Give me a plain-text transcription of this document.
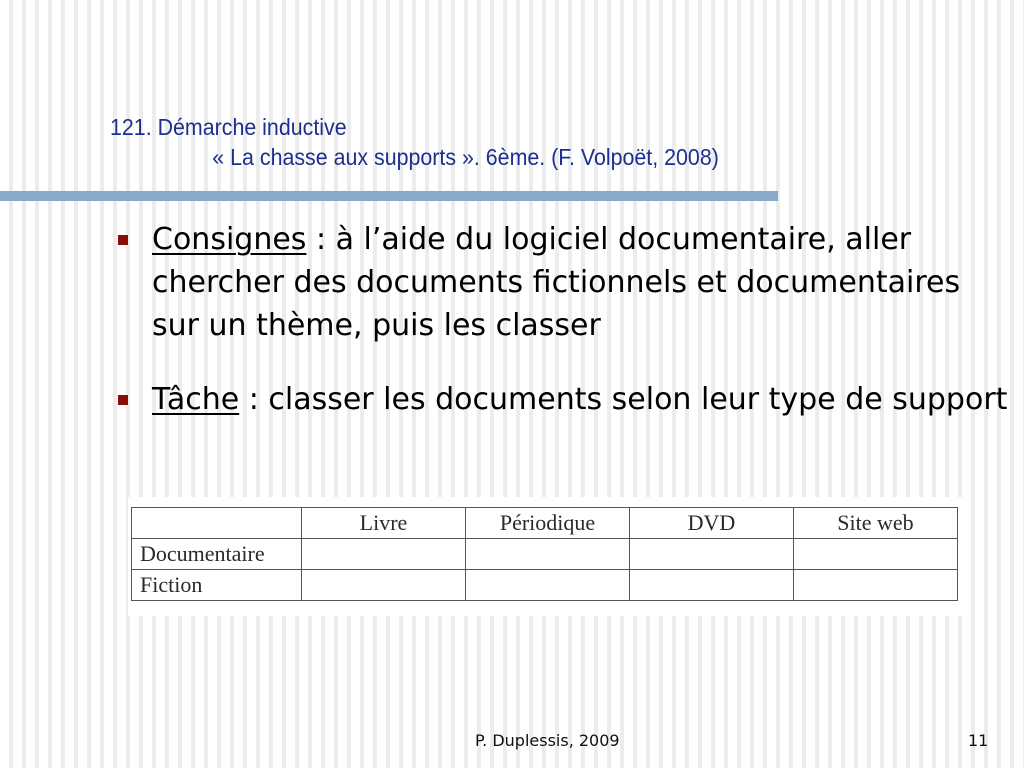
121. Démarche inductive
« La chasse aux supports ». 6ème. (F. Volpoët, 2008)
Consignes : à l’aide du logiciel documentaire, aller chercher des documents fictionnels et documentaires sur un thème, puis les classer
Tâche : classer les documents selon leur type de support
	Livre	Périodique	DVD	Site web
Documentaire				
Fiction				
P. Duplessis, 2009	11
